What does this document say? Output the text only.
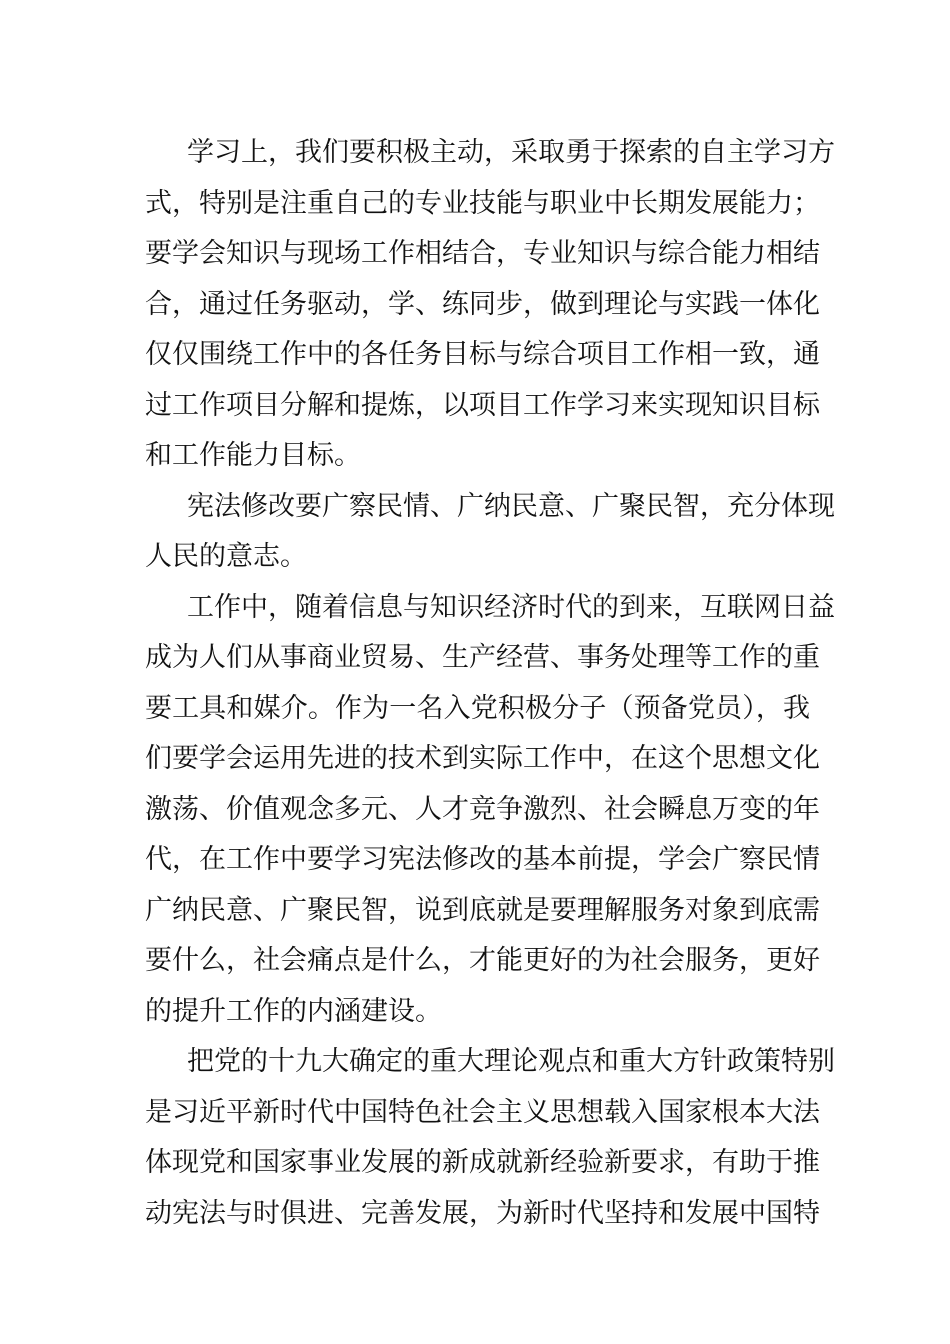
学习上，我们要积极主动，采取勇于探索的自主学习方
式，特别是注重自己的专业技能与职业中长期发展能力；
要学会知识与现场工作相结合，专业知识与综合能力相结
合，通过任务驱动，学、练同步，做到理论与实践一体化
仅仅围绕工作中的各任务目标与综合项目工作相一致，通
过工作项目分解和提炼，以项目工作学习来实现知识目标
和工作能力目标。
宪法修改要广察民情、广纳民意、广聚民智，充分体现
人民的意志。
工作中，随着信息与知识经济时代的到来，互联网日益
成为人们从事商业贸易、生产经营、事务处理等工作的重
要工具和媒介。作为一名入党积极分子（预备党员），我
们要学会运用先进的技术到实际工作中，在这个思想文化
激荡、价值观念多元、人才竞争激烈、社会瞬息万变的年
代，在工作中要学习宪法修改的基本前提，学会广察民情
广纳民意、广聚民智，说到底就是要理解服务对象到底需
要什么，社会痛点是什么，才能更好的为社会服务，更好
的提升工作的内涵建设。
把党的十九大确定的重大理论观点和重大方针政策特别
是习近平新时代中国特色社会主义思想载入国家根本大法
体现党和国家事业发展的新成就新经验新要求，有助于推
动宪法与时俱进、完善发展，为新时代坚持和发展中国特
